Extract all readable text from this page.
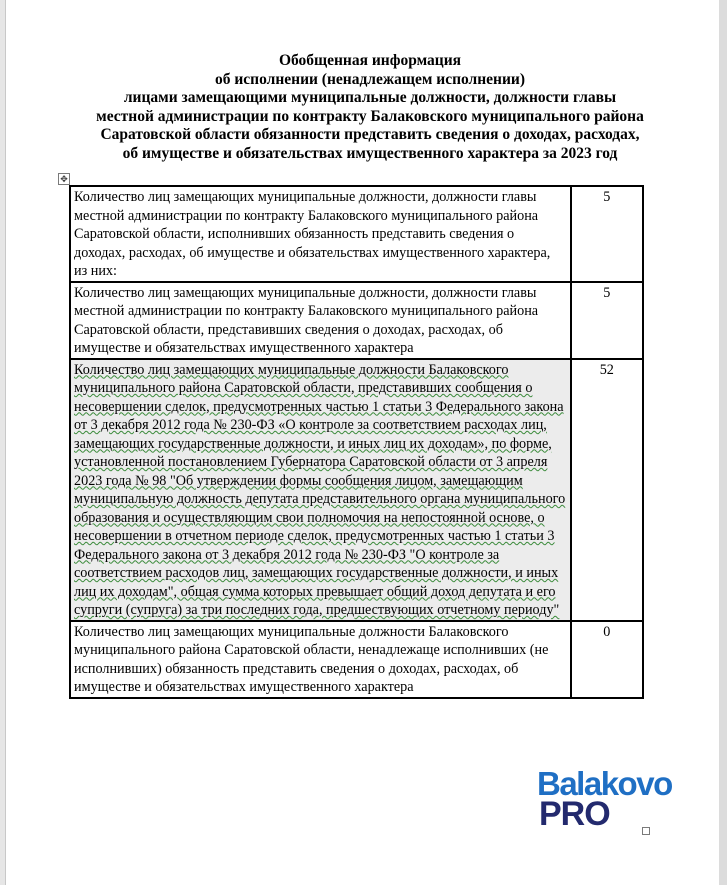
Обобщенная информация
об исполнении (ненадлежащем исполнении)
лицами замещающими муниципальные должности, должности главы
местной администрации по контракту Балаковского муниципального района
Саратовской области обязанности представить сведения о доходах, расходах,
об имуществе и обязательствах имущественного характера за 2023 год
✥
Количество лиц замещающих муниципальные должности, должности главы местной администрации по контракту Балаковского муниципального района Саратовской области, исполнивших обязанность представить сведения о доходах, расходах, об имуществе и обязательствах имущественного характера, из них:	5
Количество лиц замещающих муниципальные должности, должности главы местной администрации по контракту Балаковского муниципального района Саратовской области, представивших сведения о доходах, расходах, об имуществе и обязательствах имущественного характера	5
Количество лиц замещающих муниципальные должности Балаковского муниципального района Саратовской области, представивших сообщения о несовершении сделок, предусмотренных частью 1 статьи 3 Федерального закона от 3 декабря 2012 года № 230-ФЗ «О контроле за соответствием расходах лиц, замещающих государственные должности, и иных лиц их доходам», по форме, установленной постановлением Губернатора Саратовской области от 3 апреля 2023 года № 98 "Об утверждении формы сообщения лицом, замещающим муниципальную должность депутата представительного органа муниципального образования и осуществляющим свои полномочия на непостоянной основе, о несовершении в отчетном периоде сделок, предусмотренных частью 1 статьи 3 Федерального закона от 3 декабря 2012 года № 230-ФЗ "О контроле за соответствием расходов лиц, замещающих государственные должности, и иных лиц их доходам", общая сумма которых превышает общий доход депутата и его супруги (супруга) за три последних года, предшествующих отчетному периоду"	52
Количество лиц замещающих муниципальные должности Балаковского муниципального района Саратовской области, ненадлежаще исполнивших (не исполнивших) обязанность представить сведения о доходах, расходах, об имуществе и обязательствах имущественного характера	0
Balakovo
PRO
